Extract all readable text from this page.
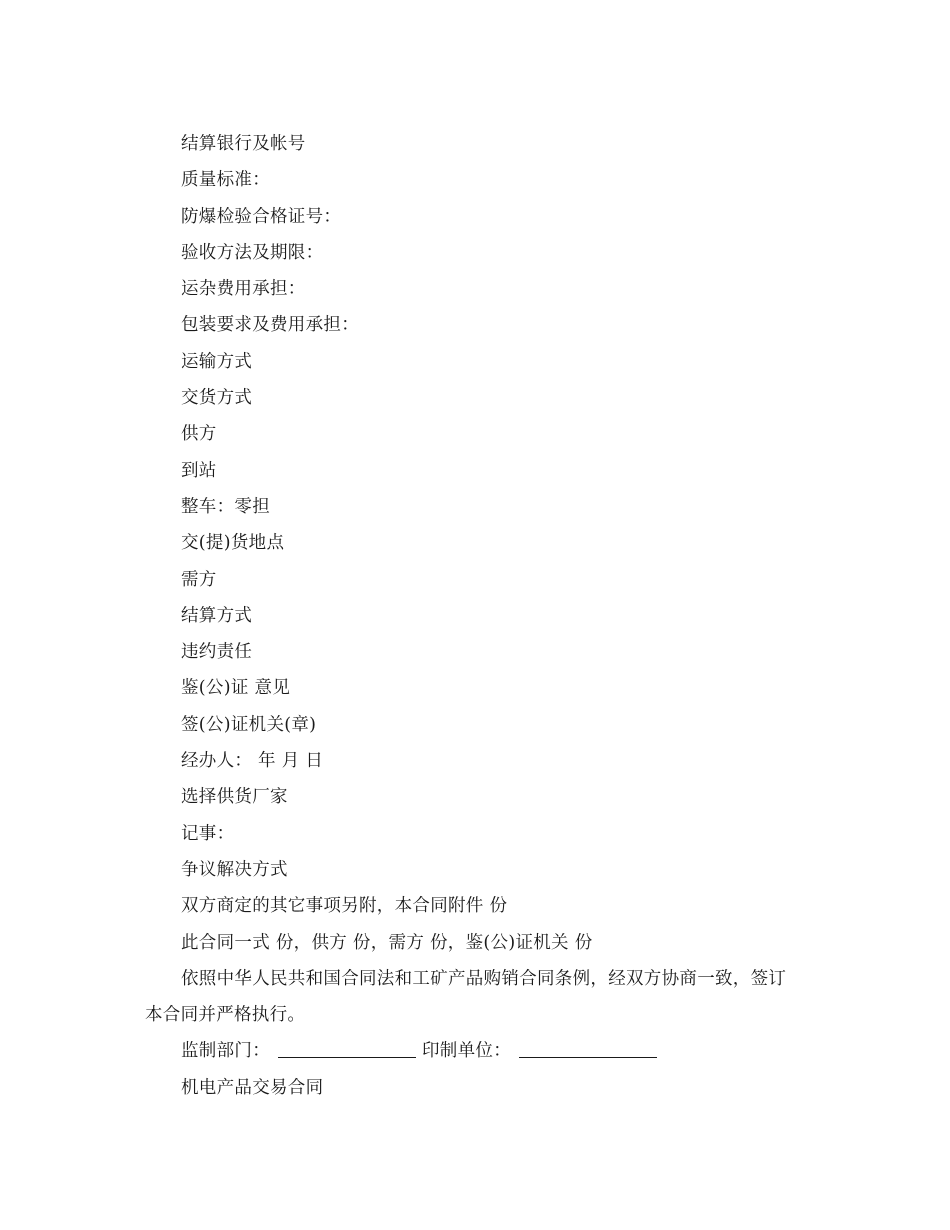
结算银行及帐号
质量标准：
防爆检验合格证号：
验收方法及期限：
运杂费用承担：
包装要求及费用承担：
运输方式
交货方式
供方
到站
整车：零担
交(提)货地点
需方
结算方式
违约责任
鉴(公)证 意见
签(公)证机关(章)
经办人： 年 月 日
选择供货厂家
记事：
争议解决方式
双方商定的其它事项另附，本合同附件 份
此合同一式 份，供方 份，需方 份，鉴(公)证机关 份
依照中华人民共和国合同法和工矿产品购销合同条例，经双方协商一致，签订本合同并严格执行。
监制部门：	印制单位：
机电产品交易合同
